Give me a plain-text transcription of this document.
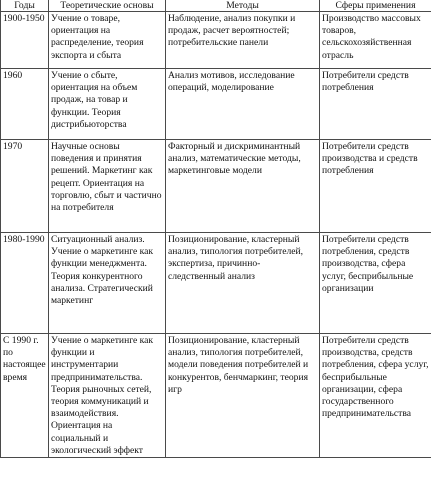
Годы	Теоретические основы	Методы	Сферы применения
1900-1950	Учение о товаре, ориентация на распределение, теория экспорта и сбыта	Наблюдение, анализ покупки и продаж, расчет вероятностей; потребительские панели	Производство массовых товаров, сельскохозяйственная отрасль
1960	Учение о сбыте, ориентация на объем продаж, на товар и функции. Теория дистрибьюторства	Анализ мотивов, исследование операций, моделирование	Потребители средств потребления
1970	Научные основы поведения и принятия решений. Маркетинг как рецепт. Ориентация на торговлю, сбыт и частично на потребителя	Факторный и дискриминантный анализ, математические методы, маркетинговые модели	Потребители средств производства и средств потребления
1980-1990	Ситуационный анализ. Учение о маркетинге как функции менеджмента. Теория конкурентного анализа. Стратегический маркетинг	Позиционирование, кластерный анализ, типология потребителей, экспертиза, причинно-следственный анализ	Потребители средств потребления, средств производства, сфера услуг, бесприбыльные организации
С 1990 г. по настоящее время	Учение о маркетинге как функции и инструментарии предпринимательства. Теория рыночных сетей, теория коммуникаций и взаимодействия. Ориентация на социальный и экологический эффект	Позиционирование, кластерный анализ, типология потребителей, модели поведения потребителей и конкурентов, бенчмаркинг, теория игр	Потребители средств производства, средств потребления, сфера услуг, бесприбыльные организации, сфера государственного предпринимательства
